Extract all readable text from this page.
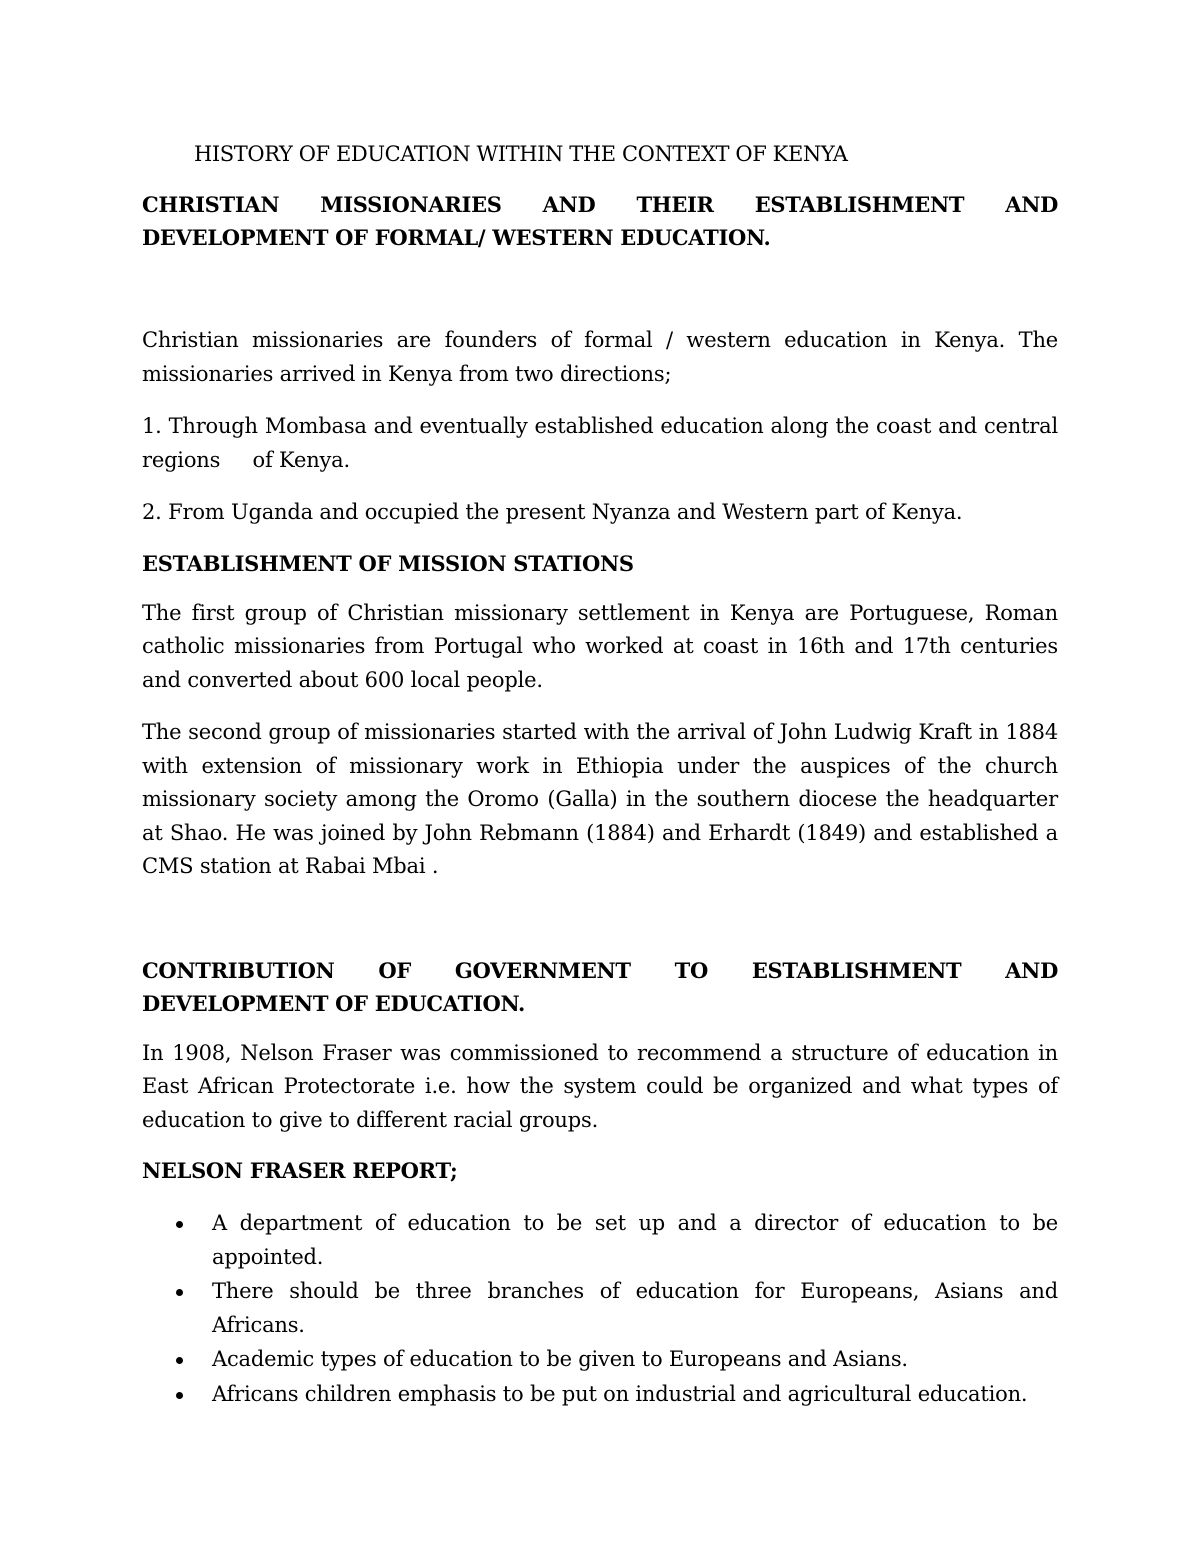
HISTORY OF EDUCATION WITHIN THE CONTEXT OF KENYA
CHRISTIAN MISSIONARIES AND THEIR ESTABLISHMENT AND DEVELOPMENT OF FORMAL/ WESTERN EDUCATION.

Christian missionaries are founders of formal / western education in Kenya. The missionaries arrived in Kenya from two directions;

1. Through Mombasa and eventually established education along the coast and central regions     of Kenya.

2. From Uganda and occupied the present Nyanza and Western part of Kenya.

ESTABLISHMENT OF MISSION STATIONS

The first group of Christian missionary settlement in Kenya are Portuguese, Roman catholic missionaries from Portugal who worked at coast in 16th and 17th centuries and converted about 600 local people.

The second group of missionaries started with the arrival of John Ludwig Kraft in 1884 with extension of missionary work in Ethiopia under the auspices of the church missionary society among the Oromo (Galla) in the southern diocese the headquarter at Shao. He was joined by John Rebmann (1884) and Erhardt (1849) and established a CMS station at Rabai Mbai .

CONTRIBUTION OF GOVERNMENT TO ESTABLISHMENT AND DEVELOPMENT OF EDUCATION.

In 1908, Nelson Fraser was commissioned to recommend a structure of education in East African Protectorate i.e. how the system could be organized and what types of education to give to different racial groups.

NELSON FRASER REPORT;
A department of education to be set up and a director of education to be appointed.
There should be three branches of education for Europeans, Asians and Africans.
Academic types of education to be given to Europeans and Asians.
Africans children emphasis to be put on industrial and agricultural education.
